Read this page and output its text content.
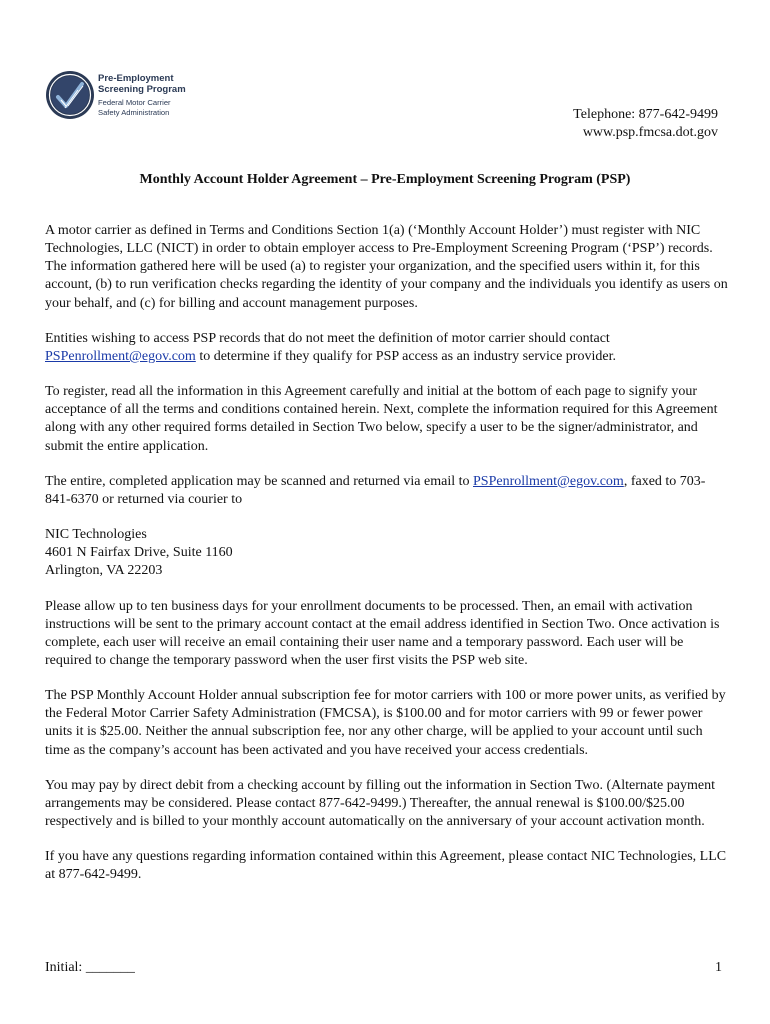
Pre-Employment
Screening Program
Federal Motor Carrier
Safety Administration	Telephone: 877-642-9499
www.psp.fmcsa.dot.gov
Monthly Account Holder Agreement – Pre-Employment Screening Program (PSP)

A motor carrier as defined in Terms and Conditions Section 1(a) (‘Monthly Account Holder’) must register with NIC Technologies, LLC (NICT) in order to obtain employer access to Pre-Employment Screening Program (‘PSP’) records. The information gathered here will be used (a) to register your organization, and the specified users within it, for this account, (b) to run verification checks regarding the identity of your company and the individuals you identify as users on your behalf, and (c) for billing and account management purposes.

Entities wishing to access PSP records that do not meet the definition of motor carrier should contact
PSPenrollment@egov.com to determine if they qualify for PSP access as an industry service provider.

To register, read all the information in this Agreement carefully and initial at the bottom of each page to signify your acceptance of all the terms and conditions contained herein. Next, complete the information required for this Agreement along with any other required forms detailed in Section Two below, specify a user to be the signer/administrator, and submit the entire application.

The entire, completed application may be scanned and returned via email to PSPenrollment@egov.com, faxed to 703-841-6370 or returned via courier to

NIC Technologies
4601 N Fairfax Drive, Suite 1160
Arlington, VA 22203

Please allow up to ten business days for your enrollment documents to be processed. Then, an email with activation instructions will be sent to the primary account contact at the email address identified in Section Two. Once activation is complete, each user will receive an email containing their user name and a temporary password. Each user will be required to change the temporary password when the user first visits the PSP web site.

The PSP Monthly Account Holder annual subscription fee for motor carriers with 100 or more power units, as verified by the Federal Motor Carrier Safety Administration (FMCSA), is $100.00 and for motor carriers with 99 or fewer power units it is $25.00. Neither the annual subscription fee, nor any other charge, will be applied to your account until such time as the company’s account has been activated and you have received your access credentials.

You may pay by direct debit from a checking account by filling out the information in Section Two. (Alternate payment arrangements may be considered. Please contact 877-642-9499.) Thereafter, the annual renewal is $100.00/$25.00 respectively and is billed to your monthly account automatically on the anniversary of your account activation month.

If you have any questions regarding information contained within this Agreement, please contact NIC Technologies, LLC at 877-642-9499.

Initial: _______	1
